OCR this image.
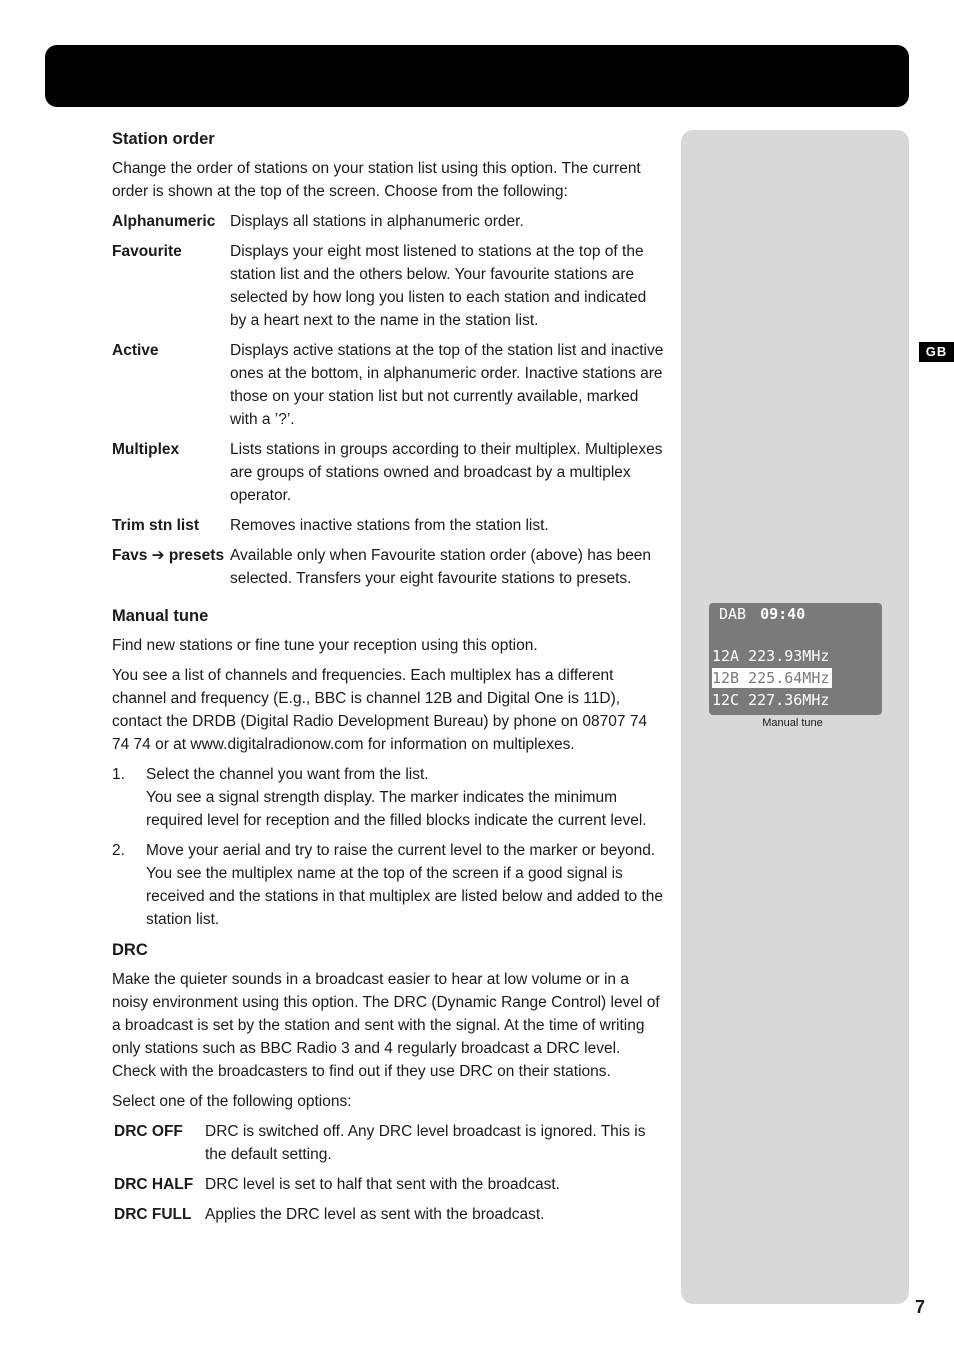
GB
Station order

Change the order of stations on your station list using this option. The current order is shown at the top of the screen. Choose from the following:

Alphanumeric	Displays all stations in alphanumeric order.
Favourite	Displays your eight most listened to stations at the top of the station list and the others below. Your favourite stations are selected by how long you listen to each station and indicated by a heart next to the name in the station list.
Active	Displays active stations at the top of the station list and inactive ones at the bottom, in alphanumeric order. Inactive stations are those on your station list but not currently available, marked with a ’?’.
Multiplex	Lists stations in groups according to their multiplex. Multiplexes are groups of stations owned and broadcast by a multiplex operator.
Trim stn list	Removes inactive stations from the station list.
Favs ➔ presets	Available only when Favourite station order (above) has been selected. Transfers your eight favourite stations to presets.
Manual tune

Find new stations or fine tune your reception using this option.

You see a list of channels and frequencies. Each multiplex has a different channel and frequency (E.g., BBC is channel 12B and Digital One is 11D), contact the DRDB (Digital Radio Development Bureau) by phone on 08707 74 74 74 or at www.digitalradionow.com for information on multiplexes.

1. Select the channel you want from the list.
You see a signal strength display. The marker indicates the minimum required level for reception and the filled blocks indicate the current level.
2. Move your aerial and try to raise the current level to the marker or beyond. You see the multiplex name at the top of the screen if a good signal is received and the stations in that multiplex are listed below and added to the station list.
DRC

Make the quieter sounds in a broadcast easier to hear at low volume or in a noisy environment using this option. The DRC (Dynamic Range Control) level of a broadcast is set by the station and sent with the signal. At the time of writing only stations such as BBC Radio 3 and 4 regularly broadcast a DRC level. Check with the broadcasters to find out if they use DRC on their stations.

Select one of the following options:

DRC OFF	DRC is switched off. Any DRC level broadcast is ignored. This is the default setting.
DRC HALF	DRC level is set to half that sent with the broadcast.
DRC FULL	Applies the DRC level as sent with the broadcast.
DAB 09:40
12A 223.93MHz
12B 225.64MHz
12C 227.36MHz
Manual tune
7
